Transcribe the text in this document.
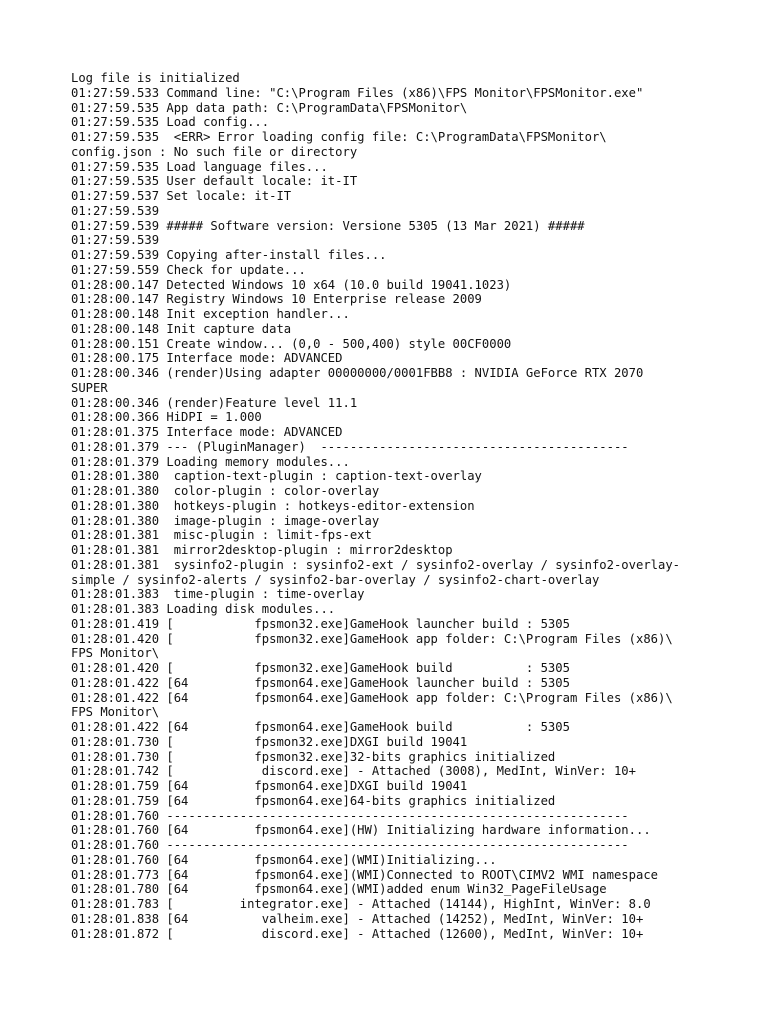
Log file is initialized
01:27:59.533 Command line: "C:\Program Files (x86)\FPS Monitor\FPSMonitor.exe"
01:27:59.535 App data path: C:\ProgramData\FPSMonitor\
01:27:59.535 Load config...
01:27:59.535  <ERR> Error loading config file: C:\ProgramData\FPSMonitor\
config.json : No such file or directory
01:27:59.535 Load language files...
01:27:59.535 User default locale: it-IT
01:27:59.537 Set locale: it-IT
01:27:59.539
01:27:59.539 ##### Software version: Versione 5305 (13 Mar 2021) #####
01:27:59.539
01:27:59.539 Copying after-install files...
01:27:59.559 Check for update...
01:28:00.147 Detected Windows 10 x64 (10.0 build 19041.1023)
01:28:00.147 Registry Windows 10 Enterprise release 2009
01:28:00.148 Init exception handler...
01:28:00.148 Init capture data
01:28:00.151 Create window... (0,0 - 500,400) style 00CF0000
01:28:00.175 Interface mode: ADVANCED
01:28:00.346 (render)Using adapter 00000000/0001FBB8 : NVIDIA GeForce RTX 2070
SUPER
01:28:00.346 (render)Feature level 11.1
01:28:00.366 HiDPI = 1.000
01:28:01.375 Interface mode: ADVANCED
01:28:01.379 --- (PluginManager)  ------------------------------------------
01:28:01.379 Loading memory modules...
01:28:01.380  caption-text-plugin : caption-text-overlay
01:28:01.380  color-plugin : color-overlay
01:28:01.380  hotkeys-plugin : hotkeys-editor-extension
01:28:01.380  image-plugin : image-overlay
01:28:01.381  misc-plugin : limit-fps-ext
01:28:01.381  mirror2desktop-plugin : mirror2desktop
01:28:01.381  sysinfo2-plugin : sysinfo2-ext / sysinfo2-overlay / sysinfo2-overlay-
simple / sysinfo2-alerts / sysinfo2-bar-overlay / sysinfo2-chart-overlay
01:28:01.383  time-plugin : time-overlay
01:28:01.383 Loading disk modules...
01:28:01.419 [           fpsmon32.exe]GameHook launcher build : 5305
01:28:01.420 [           fpsmon32.exe]GameHook app folder: C:\Program Files (x86)\
FPS Monitor\
01:28:01.420 [           fpsmon32.exe]GameHook build          : 5305
01:28:01.422 [64         fpsmon64.exe]GameHook launcher build : 5305
01:28:01.422 [64         fpsmon64.exe]GameHook app folder: C:\Program Files (x86)\
FPS Monitor\
01:28:01.422 [64         fpsmon64.exe]GameHook build          : 5305
01:28:01.730 [           fpsmon32.exe]DXGI build 19041
01:28:01.730 [           fpsmon32.exe]32-bits graphics initialized
01:28:01.742 [            discord.exe] - Attached (3008), MedInt, WinVer: 10+
01:28:01.759 [64         fpsmon64.exe]DXGI build 19041
01:28:01.759 [64         fpsmon64.exe]64-bits graphics initialized
01:28:01.760 ---------------------------------------------------------------
01:28:01.760 [64         fpsmon64.exe](HW) Initializing hardware information...
01:28:01.760 ---------------------------------------------------------------
01:28:01.760 [64         fpsmon64.exe](WMI)Initializing...
01:28:01.773 [64         fpsmon64.exe](WMI)Connected to ROOT\CIMV2 WMI namespace
01:28:01.780 [64         fpsmon64.exe](WMI)added enum Win32_PageFileUsage
01:28:01.783 [         integrator.exe] - Attached (14144), HighInt, WinVer: 8.0
01:28:01.838 [64          valheim.exe] - Attached (14252), MedInt, WinVer: 10+
01:28:01.872 [            discord.exe] - Attached (12600), MedInt, WinVer: 10+
